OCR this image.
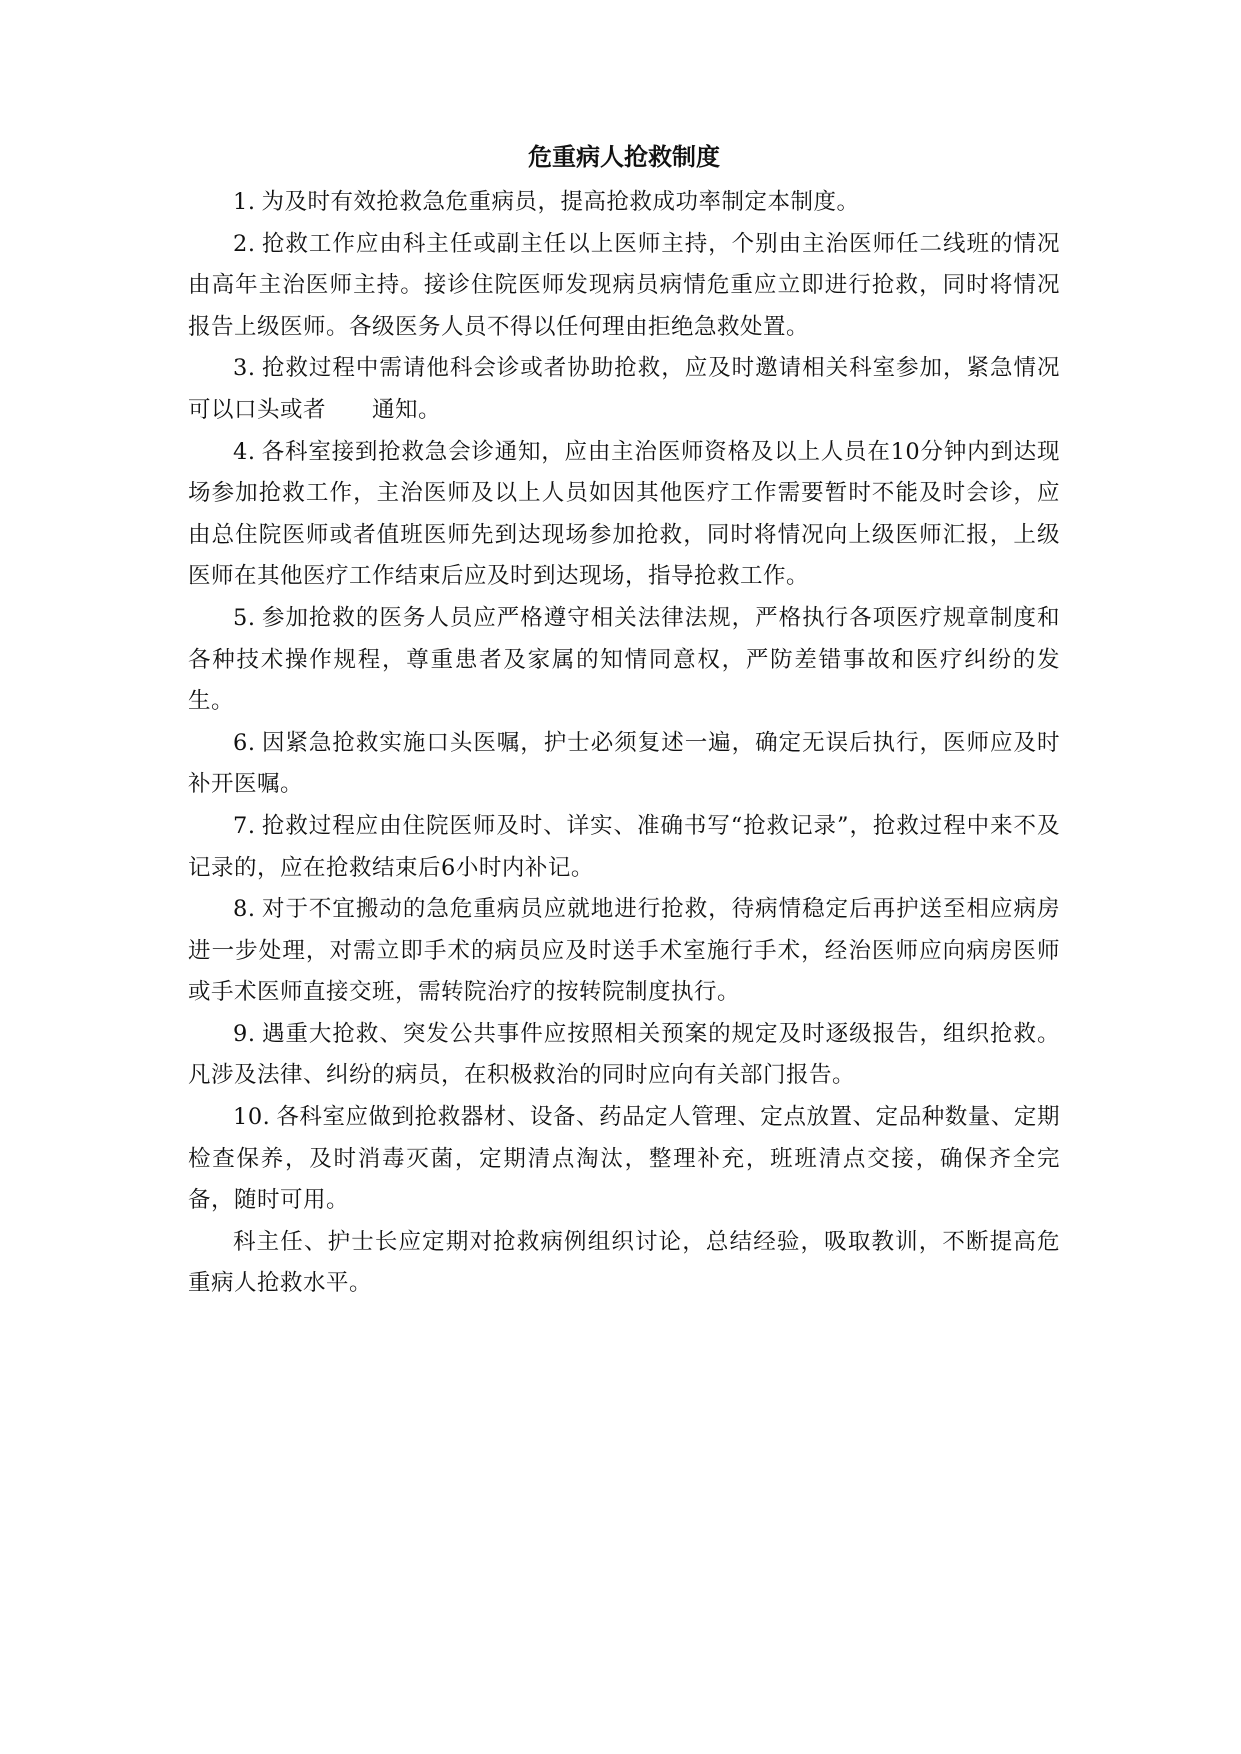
危重病人抢救制度

1. 为及时有效抢救急危重病员，提高抢救成功率制定本制度。

2. 抢救工作应由科主任或副主任以上医师主持，个别由主治医师任二线班的情况由高年主治医师主持。接诊住院医师发现病员病情危重应立即进行抢救，同时将情况报告上级医师。各级医务人员不得以任何理由拒绝急救处置。

3. 抢救过程中需请他科会诊或者协助抢救，应及时邀请相关科室参加，紧急情况可以口头或者　　通知。

4. 各科室接到抢救急会诊通知，应由主治医师资格及以上人员在10分钟内到达现场参加抢救工作，主治医师及以上人员如因其他医疗工作需要暂时不能及时会诊，应由总住院医师或者值班医师先到达现场参加抢救，同时将情况向上级医师汇报，上级医师在其他医疗工作结束后应及时到达现场，指导抢救工作。

5. 参加抢救的医务人员应严格遵守相关法律法规，严格执行各项医疗规章制度和各种技术操作规程，尊重患者及家属的知情同意权，严防差错事故和医疗纠纷的发生。

6. 因紧急抢救实施口头医嘱，护士必须复述一遍，确定无误后执行，医师应及时补开医嘱。

7. 抢救过程应由住院医师及时、详实、准确书写“抢救记录”，抢救过程中来不及记录的，应在抢救结束后6小时内补记。

8. 对于不宜搬动的急危重病员应就地进行抢救，待病情稳定后再护送至相应病房进一步处理，对需立即手术的病员应及时送手术室施行手术，经治医师应向病房医师或手术医师直接交班，需转院治疗的按转院制度执行。

9. 遇重大抢救、突发公共事件应按照相关预案的规定及时逐级报告，组织抢救。凡涉及法律、纠纷的病员，在积极救治的同时应向有关部门报告。

10. 各科室应做到抢救器材、设备、药品定人管理、定点放置、定品种数量、定期检查保养，及时消毒灭菌，定期清点淘汰，整理补充，班班清点交接，确保齐全完备，随时可用。

科主任、护士长应定期对抢救病例组织讨论，总结经验，吸取教训，不断提高危重病人抢救水平。
